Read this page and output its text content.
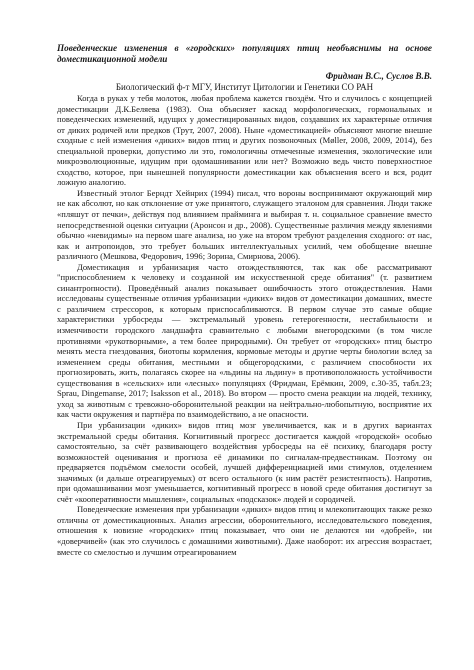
Поведенческие изменения в «городских» популяциях птиц необъяснимы на основе доместикационной модели

Фридман В.С., Суслов В.В.
Биологический ф-т МГУ, Институт Цитологии и Генетики СО РАН

Когда в руках у тебя молоток, любая проблема кажется гвоздём. Что и случилось с концепцией доместикации Д.К.Беляева (1983). Она объясняет каскад морфологических, гормональных и поведенческих изменений, идущих у доместицированных видов, создавших их характерные отличия от диких родичей или предков (Трут, 2007, 2008). Ныне «доместикацией» объясняют многие внешне сходные с ней изменения «диких» видов птиц и других позвоночных (Møller, 2008, 2009, 2014), без специальной проверки, допустимо ли это, гомологичны отмеченные изменения, экологические или микроэволюционные, идущим при одомашнивании или нет? Возможно ведь чисто поверхностное сходство, которое, при нынешней популярности доместикации как объяснения всего и вся, родит ложную аналогию.

Известный этолог Берндт Хейнрих (1994) писал, что вороны воспринимают окружающий мир не как абсолют, но как отклонение от уже принятого, служащего эталоном для сравнения. Люди также «пляшут от печки», действуя под влиянием прайминга и выбирая т. н. социальное сравнение вместо непосредственной оценки ситуации (Аронсон и др., 2008). Существенные различия между явлениями обычно «невидимы» на первом шаге анализа, но уже на втором требуют разделения сходного: от нас, как и антропоидов, это требует больших интеллектуальных усилий, чем обобщение внешне различного (Мешкова, Федорович, 1996; Зорина, Смирнова, 2006).

Доместикация и урбанизация часто отождествляются, так как обе рассматривают "приспособлением к человеку и созданной им искусственной среде обитания" (т. развитием синантропности). Проведённый анализ показывает ошибочность этого отождествления. Нами исследованы существенные отличия урбанизации «диких» видов от доместикации домашних, вместе с различием стрессоров, к которым приспосабливаются. В первом случае это самые общие характеристики урбосреды — экстремальный уровень гетерогенности, нестабильности и изменчивости городского ландшафта сравнительно с любыми внегородскими (в том числе противнями «рукотворными», а тем более природными). Он требует от «городских» птиц быстро менять места гнездования, биотопы кормления, кормовые методы и другие черты биологии вслед за изменением среды обитания, местными и общегородскими, с различием способности их прогнозировать, жить, полагаясь скорее на «льдины на льдину» в противоположность устойчивости существования в «сельских» или «лесных» популяциях (Фридман, Ерёмкин, 2009, с.30-35, табл.23; Sprau, Dingemanse, 2017; Isaksson et al., 2018). Во втором — просто смена реакции на людей, технику, уход за животным с тревожно-оборонительной реакции на нейтрально-любопытную, восприятие их как части окружения и партнёра по взаимодействию, а не опасности.

При урбанизации «диких» видов птиц мозг увеличивается, как и в других вариантах экстремальной среды обитания. Когнитивный прогресс достигается каждой «городской» особью самостоятельно, за счёт развивающего воздействия урбосреды на её психику, благодаря росту возможностей оценивания и прогноза её динамики по сигналам-предвестникам. Поэтому он предваряется подъёмом смелости особей, лучшей дифференциацией ими стимулов, отделением значимых (и дальше отреагируемых) от всего остального (к ним растёт резистентность). Напротив, при одомашнивании мозг уменьшается, когнитивный прогресс в новой среде обитания достигнут за счёт «кооперативности мышления», социальных «подсказок» людей и сородичей.

Поведенческие изменения при урбанизации «диких» видов птиц и млекопитающих также резко отличны от доместикационных. Анализ агрессии, оборонительного, исследовательского поведения, отношения к новизне «городских» птиц показывает, что они не делаются ни «добрей», ни «доверчивей» (как это случилось с домашними животными). Даже наоборот: их агрессия возрастает, вместе со смелостью и лучшим отреагированием
